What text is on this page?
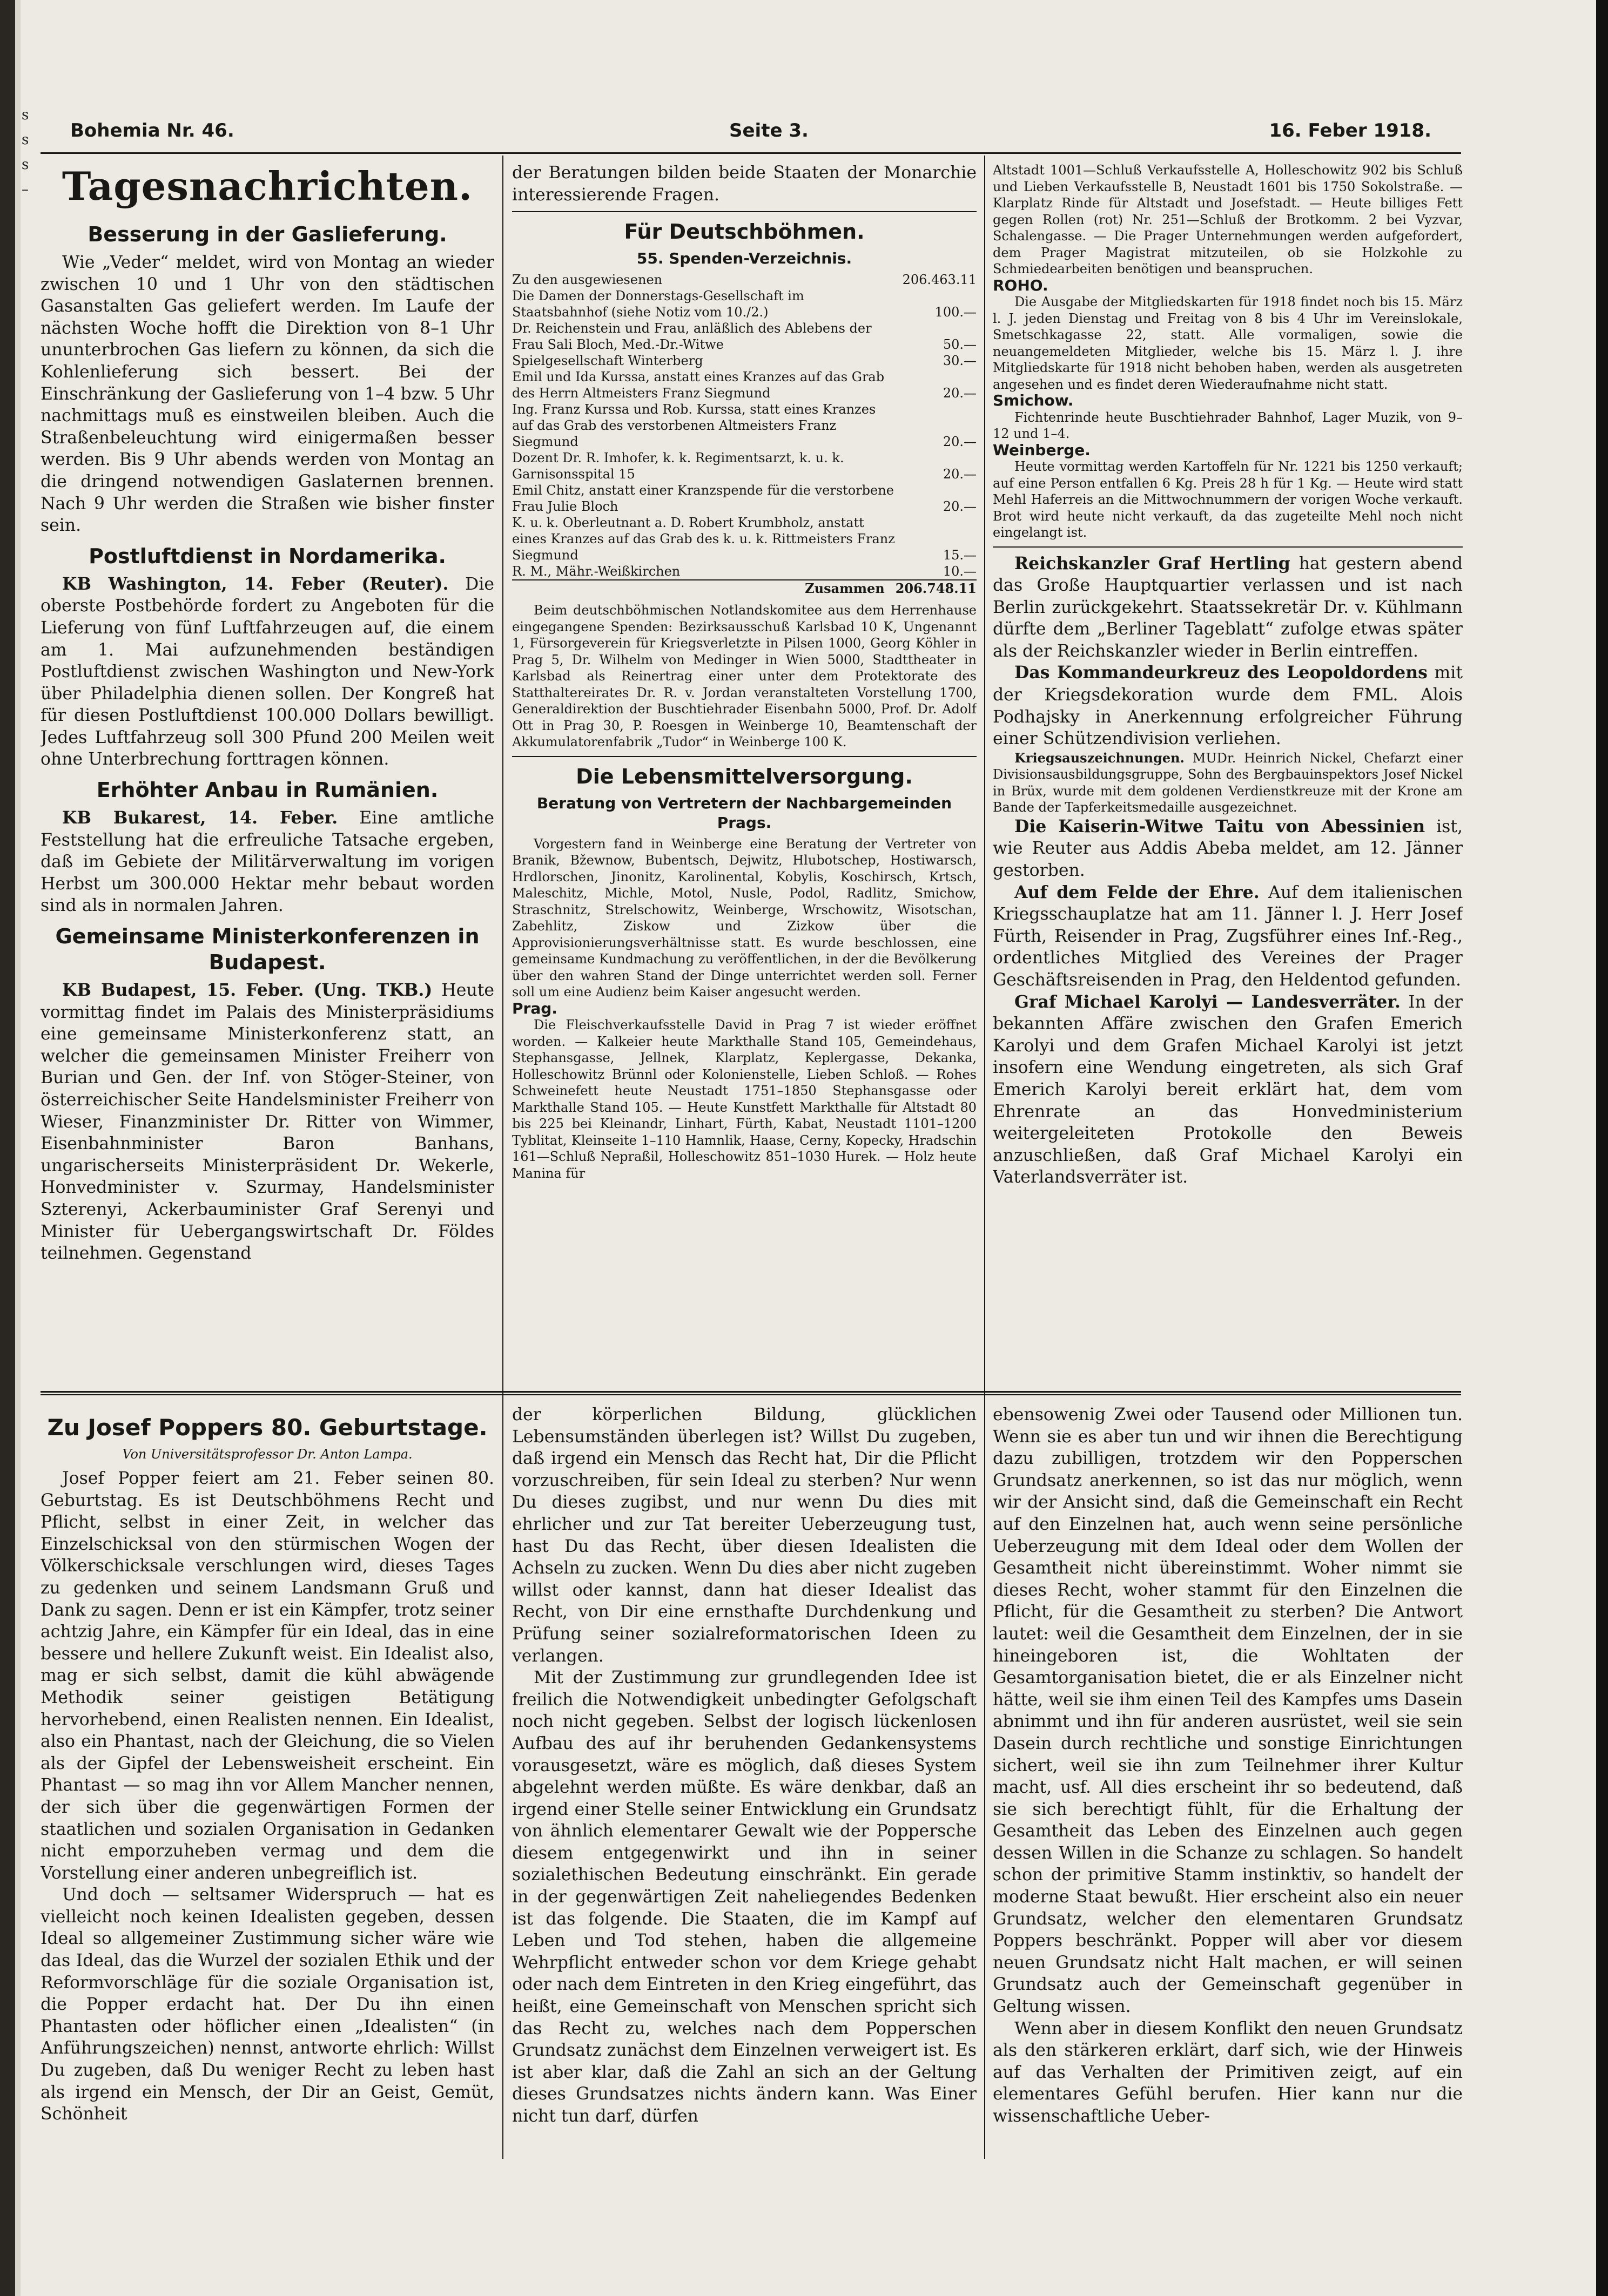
s
s
s
–
Bohemia Nr. 46.	Seite 3.	16. Feber 1918.
Tagesnachrichten.
Besserung in der Gaslieferung.

Wie „Veder“ meldet, wird von Montag an wieder zwischen 10 und 1 Uhr von den städtischen Gasanstalten Gas geliefert werden. Im Laufe der nächsten Woche hofft die Direktion von 8–1 Uhr ununterbrochen Gas liefern zu können, da sich die Kohlenlieferung sich bessert. Bei der Einschränkung der Gaslieferung von 1–4 bzw. 5 Uhr nachmittags muß es einstweilen bleiben. Auch die Straßenbeleuchtung wird einigermaßen besser werden. Bis 9 Uhr abends werden von Montag an die dringend notwendigen Gaslaternen brennen. Nach 9 Uhr werden die Straßen wie bisher finster sein.

Postluftdienst in Nordamerika.

KB Washington, 14. Feber (Reuter). Die oberste Postbehörde fordert zu Angeboten für die Lieferung von fünf Luftfahrzeugen auf, die einem am 1. Mai aufzunehmenden beständigen Postluftdienst zwischen Washington und New-York über Philadelphia dienen sollen. Der Kongreß hat für diesen Postluftdienst 100.000 Dollars bewilligt. Jedes Luftfahrzeug soll 300 Pfund 200 Meilen weit ohne Unterbrechung forttragen können.

Erhöhter Anbau in Rumänien.

KB Bukarest, 14. Feber. Eine amtliche Feststellung hat die erfreuliche Tatsache ergeben, daß im Gebiete der Militärverwaltung im vorigen Herbst um 300.000 Hektar mehr bebaut worden sind als in normalen Jahren.

Gemeinsame Ministerkonferenzen in Budapest.

KB Budapest, 15. Feber. (Ung. TKB.) Heute vormittag findet im Palais des Ministerpräsidiums eine gemeinsame Ministerkonferenz statt, an welcher die gemeinsamen Minister Freiherr von Burian und Gen. der Inf. von Stöger-Steiner, von österreichischer Seite Handelsminister Freiherr von Wieser, Finanzminister Dr. Ritter von Wimmer, Eisenbahnminister Baron Banhans, ungarischerseits Ministerpräsident Dr. Wekerle, Honvedminister v. Szurmay, Handelsminister Szterenyi, Ackerbauminister Graf Serenyi und Minister für Uebergangswirtschaft Dr. Földes teilnehmen. Gegenstand

der Beratungen bilden beide Staaten der Monarchie interessierende Fragen.

Für Deutschböhmen.
55. Spenden-Verzeichnis.
Zu den ausgewiesenen	206.463.11
Die Damen der Donnerstags-Gesellschaft im Staatsbahnhof (siehe Notiz vom 10./2.)	100.—
Dr. Reichenstein und Frau, anläßlich des Ablebens der Frau Sali Bloch, Med.-Dr.-Witwe	50.—
Spielgesellschaft Winterberg	30.—
Emil und Ida Kurssa, anstatt eines Kranzes auf das Grab des Herrn Altmeisters Franz Siegmund	20.—
Ing. Franz Kurssa und Rob. Kurssa, statt eines Kranzes auf das Grab des verstorbenen Altmeisters Franz Siegmund	20.—
Dozent Dr. R. Imhofer, k. k. Regimentsarzt, k. u. k. Garnisonsspital 15	20.—
Emil Chitz, anstatt einer Kranzspende für die verstorbene Frau Julie Bloch	20.—
K. u. k. Oberleutnant a. D. Robert Krumbholz, anstatt eines Kranzes auf das Grab des k. u. k. Rittmeisters Franz Siegmund	15.—
R. M., Mähr.-Weißkirchen	10.—
Zusammen	206.748.11

Beim deutschböhmischen Notlandskomitee aus dem Herrenhause eingegangene Spenden: Bezirksausschuß Karlsbad 10 K, Ungenannt 1, Fürsorgeverein für Kriegsverletzte in Pilsen 1000, Georg Köhler in Prag 5, Dr. Wilhelm von Medinger in Wien 5000, Stadttheater in Karlsbad als Reinertrag einer unter dem Protektorate des Statthaltereirates Dr. R. v. Jordan veranstalteten Vorstellung 1700, Generaldirektion der Buschtiehrader Eisenbahn 5000, Prof. Dr. Adolf Ott in Prag 30, P. Roesgen in Weinberge 10, Beamtenschaft der Akkumulatorenfabrik „Tudor“ in Weinberge 100 K.

Die Lebensmittelversorgung.
Beratung von Vertretern der Nachbargemeinden Prags.

Vorgestern fand in Weinberge eine Beratung der Vertreter von Branik, Bžewnow, Bubentsch, Dejwitz, Hlubotschep, Hostiwarsch, Hrdlorschen, Jinonitz, Karolinental, Kobylis, Koschirsch, Krtsch, Maleschitz, Michle, Motol, Nusle, Podol, Radlitz, Smichow, Straschnitz, Strelschowitz, Weinberge, Wrschowitz, Wisotschan, Zabehlitz, Ziskow und Zizkow über die Approvisionierungsverhältnisse statt. Es wurde beschlossen, eine gemeinsame Kundmachung zu veröffentlichen, in der die Bevölkerung über den wahren Stand der Dinge unterrichtet werden soll. Ferner soll um eine Audienz beim Kaiser angesucht werden.

Prag.

Die Fleischverkaufsstelle David in Prag 7 ist wieder eröffnet worden. — Kalkeier heute Markthalle Stand 105, Gemeindehaus, Stephansgasse, Jellnek, Klarplatz, Keplergasse, Dekanka, Holleschowitz Brünnl oder Kolonienstelle, Lieben Schloß. — Rohes Schweinefett heute Neustadt 1751–1850 Stephansgasse oder Markthalle Stand 105. — Heute Kunstfett Markthalle für Altstadt 80 bis 225 bei Kleinandr, Linhart, Fürth, Kabat, Neustadt 1101–1200 Tyblitat, Kleinseite 1–110 Hamnlik, Haase, Cerny, Kopecky, Hradschin 161—Schluß Nepraßil, Holleschowitz 851–1030 Hurek. — Holz heute Manina für

Altstadt 1001—Schluß Verkaufsstelle A, Holleschowitz 902 bis Schluß und Lieben Verkaufsstelle B, Neustadt 1601 bis 1750 Sokolstraße. — Klarplatz Rinde für Altstadt und Josefstadt. — Heute billiges Fett gegen Rollen (rot) Nr. 251—Schluß der Brotkomm. 2 bei Vyzvar, Schalengasse. — Die Prager Unternehmungen werden aufgefordert, dem Prager Magistrat mitzuteilen, ob sie Holzkohle zu Schmiedearbeiten benötigen und beanspruchen.

ROHO.

Die Ausgabe der Mitgliedskarten für 1918 findet noch bis 15. März l. J. jeden Dienstag und Freitag von 8 bis 4 Uhr im Vereinslokale, Smetschkagasse 22, statt. Alle vormaligen, sowie die neuangemeldeten Mitglieder, welche bis 15. März l. J. ihre Mitgliedskarte für 1918 nicht behoben haben, werden als ausgetreten angesehen und es findet deren Wiederaufnahme nicht statt.

Smichow.

Fichtenrinde heute Buschtiehrader Bahnhof, Lager Muzik, von 9–12 und 1–4.

Weinberge.

Heute vormittag werden Kartoffeln für Nr. 1221 bis 1250 verkauft; auf eine Person entfallen 6 Kg. Preis 28 h für 1 Kg. — Heute wird statt Mehl Haferreis an die Mittwochnummern der vorigen Woche verkauft. Brot wird heute nicht verkauft, da das zugeteilte Mehl noch nicht eingelangt ist.

Reichskanzler Graf Hertling hat gestern abend das Große Hauptquartier verlassen und ist nach Berlin zurückgekehrt. Staatssekretär Dr. v. Kühlmann dürfte dem „Berliner Tageblatt“ zufolge etwas später als der Reichskanzler wieder in Berlin eintreffen.

Das Kommandeurkreuz des Leopoldordens mit der Kriegsdekoration wurde dem FML. Alois Podhajsky in Anerkennung erfolgreicher Führung einer Schützendivision verliehen.

Kriegsauszeichnungen. MUDr. Heinrich Nickel, Chefarzt einer Divisionsausbildungsgruppe, Sohn des Bergbauinspektors Josef Nickel in Brüx, wurde mit dem goldenen Verdienstkreuze mit der Krone am Bande der Tapferkeitsmedaille ausgezeichnet.

Die Kaiserin-Witwe Taitu von Abessinien ist, wie Reuter aus Addis Abeba meldet, am 12. Jänner gestorben.

Auf dem Felde der Ehre. Auf dem italienischen Kriegsschauplatze hat am 11. Jänner l. J. Herr Josef Fürth, Reisender in Prag, Zugsführer eines Inf.-Reg., ordentliches Mitglied des Vereines der Prager Geschäftsreisenden in Prag, den Heldentod gefunden.

Graf Michael Karolyi — Landesverräter. In der bekannten Affäre zwischen den Grafen Emerich Karolyi und dem Grafen Michael Karolyi ist jetzt insofern eine Wendung eingetreten, als sich Graf Emerich Karolyi bereit erklärt hat, dem vom Ehrenrate an das Honvedministerium weitergeleiteten Protokolle den Beweis anzuschließen, daß Graf Michael Karolyi ein Vaterlandsverräter ist.

Zu Josef Poppers 80. Geburtstage.
Von Universitätsprofessor Dr. Anton Lampa.

Josef Popper feiert am 21. Feber seinen 80. Geburtstag. Es ist Deutschböhmens Recht und Pflicht, selbst in einer Zeit, in welcher das Einzelschicksal von den stürmischen Wogen der Völkerschicksale verschlungen wird, dieses Tages zu gedenken und seinem Landsmann Gruß und Dank zu sagen. Denn er ist ein Kämpfer, trotz seiner achtzig Jahre, ein Kämpfer für ein Ideal, das in eine bessere und hellere Zukunft weist. Ein Idealist also, mag er sich selbst, damit die kühl abwägende Methodik seiner geistigen Betätigung hervorhebend, einen Realisten nennen. Ein Idealist, also ein Phantast, nach der Gleichung, die so Vielen als der Gipfel der Lebensweisheit erscheint. Ein Phantast — so mag ihn vor Allem Mancher nennen, der sich über die gegenwärtigen Formen der staatlichen und sozialen Organisation in Gedanken nicht emporzuheben vermag und dem die Vorstellung einer anderen unbegreiflich ist.

Und doch — seltsamer Widerspruch — hat es vielleicht noch keinen Idealisten gegeben, dessen Ideal so allgemeiner Zustimmung sicher wäre wie das Ideal, das die Wurzel der sozialen Ethik und der Reformvorschläge für die soziale Organisation ist, die Popper erdacht hat. Der Du ihn einen Phantasten oder höflicher einen „Idealisten“ (in Anführungszeichen) nennst, antworte ehrlich: Willst Du zugeben, daß Du weniger Recht zu leben hast als irgend ein Mensch, der Dir an Geist, Gemüt, Schönheit

der körperlichen Bildung, glücklichen Lebensumständen überlegen ist? Willst Du zugeben, daß irgend ein Mensch das Recht hat, Dir die Pflicht vorzuschreiben, für sein Ideal zu sterben? Nur wenn Du dieses zugibst, und nur wenn Du dies mit ehrlicher und zur Tat bereiter Ueberzeugung tust, hast Du das Recht, über diesen Idealisten die Achseln zu zucken. Wenn Du dies aber nicht zugeben willst oder kannst, dann hat dieser Idealist das Recht, von Dir eine ernsthafte Durchdenkung und Prüfung seiner sozialreformatorischen Ideen zu verlangen.

Mit der Zustimmung zur grundlegenden Idee ist freilich die Notwendigkeit unbedingter Gefolgschaft noch nicht gegeben. Selbst der logisch lückenlosen Aufbau des auf ihr beruhenden Gedankensystems vorausgesetzt, wäre es möglich, daß dieses System abgelehnt werden müßte. Es wäre denkbar, daß an irgend einer Stelle seiner Entwicklung ein Grundsatz von ähnlich elementarer Gewalt wie der Poppersche diesem entgegenwirkt und ihn in seiner sozialethischen Bedeutung einschränkt. Ein gerade in der gegenwärtigen Zeit naheliegendes Bedenken ist das folgende. Die Staaten, die im Kampf auf Leben und Tod stehen, haben die allgemeine Wehrpflicht entweder schon vor dem Kriege gehabt oder nach dem Eintreten in den Krieg eingeführt, das heißt, eine Gemeinschaft von Menschen spricht sich das Recht zu, welches nach dem Popperschen Grundsatz zunächst dem Einzelnen verweigert ist. Es ist aber klar, daß die Zahl an sich an der Geltung dieses Grundsatzes nichts ändern kann. Was Einer nicht tun darf, dürfen

ebensowenig Zwei oder Tausend oder Millionen tun. Wenn sie es aber tun und wir ihnen die Berechtigung dazu zubilligen, trotzdem wir den Popperschen Grundsatz anerkennen, so ist das nur möglich, wenn wir der Ansicht sind, daß die Gemeinschaft ein Recht auf den Einzelnen hat, auch wenn seine persönliche Ueberzeugung mit dem Ideal oder dem Wollen der Gesamtheit nicht übereinstimmt. Woher nimmt sie dieses Recht, woher stammt für den Einzelnen die Pflicht, für die Gesamtheit zu sterben? Die Antwort lautet: weil die Gesamtheit dem Einzelnen, der in sie hineingeboren ist, die Wohltaten der Gesamtorganisation bietet, die er als Einzelner nicht hätte, weil sie ihm einen Teil des Kampfes ums Dasein abnimmt und ihn für anderen ausrüstet, weil sie sein Dasein durch rechtliche und sonstige Einrichtungen sichert, weil sie ihn zum Teilnehmer ihrer Kultur macht, usf. All dies erscheint ihr so bedeutend, daß sie sich berechtigt fühlt, für die Erhaltung der Gesamtheit das Leben des Einzelnen auch gegen dessen Willen in die Schanze zu schlagen. So handelt schon der primitive Stamm instinktiv, so handelt der moderne Staat bewußt. Hier erscheint also ein neuer Grundsatz, welcher den elementaren Grundsatz Poppers beschränkt. Popper will aber vor diesem neuen Grundsatz nicht Halt machen, er will seinen Grundsatz auch der Gemeinschaft gegenüber in Geltung wissen.

Wenn aber in diesem Konflikt den neuen Grundsatz als den stärkeren erklärt, darf sich, wie der Hinweis auf das Verhalten der Primitiven zeigt, auf ein elementares Gefühl berufen. Hier kann nur die wissenschaftliche Ueber-
